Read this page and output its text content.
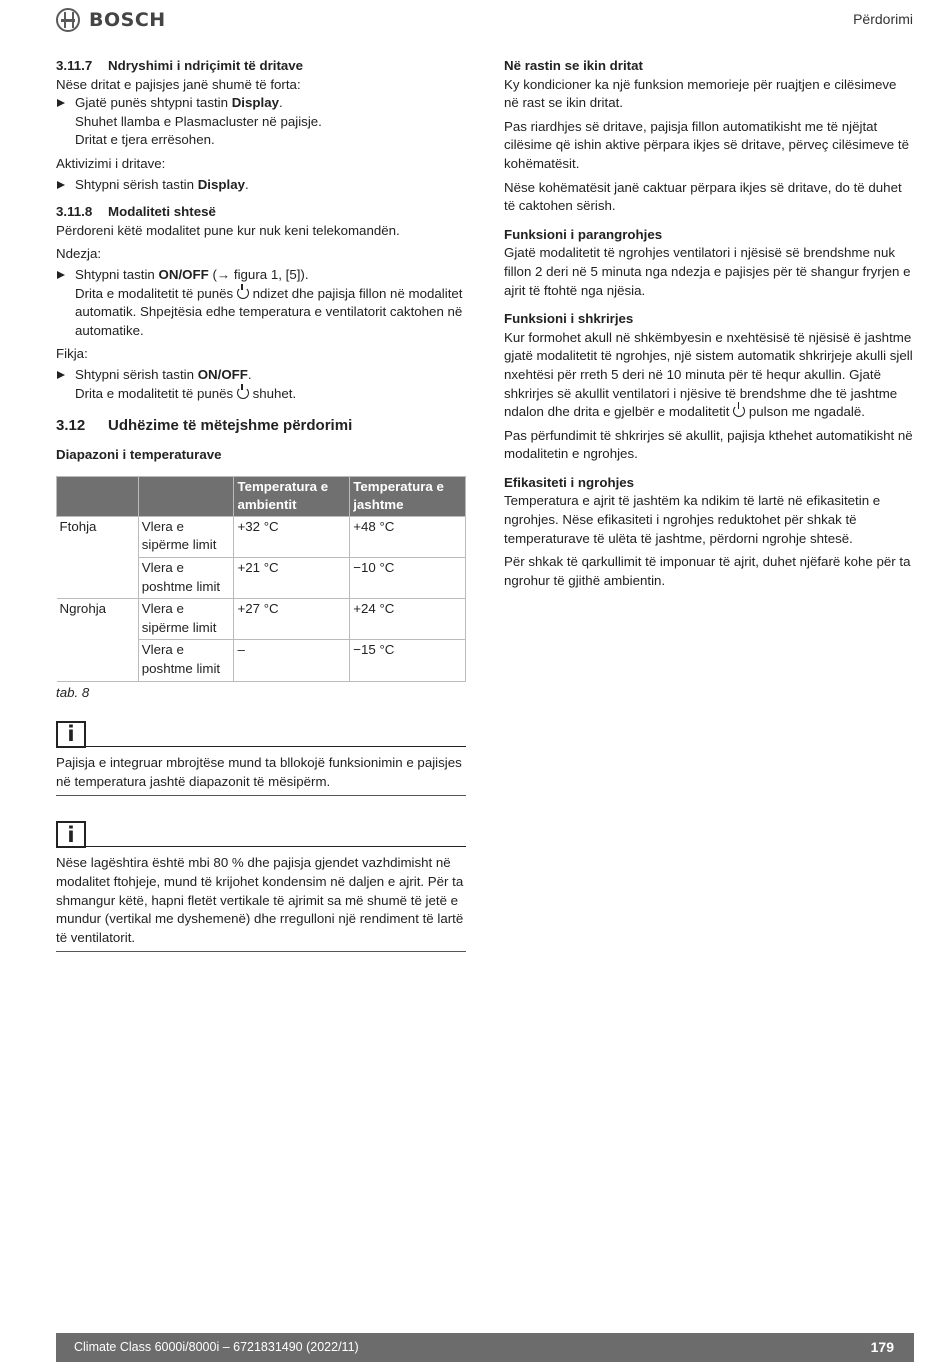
BOSCH	Përdorimi
3.11.7	Ndryshimi i ndriçimit të dritave

Nëse dritat e pajisjes janë shumë të forta:

Gjatë punës shtypni tastin Display.

Shuhet llamba e Plasmacluster në pajisje.

Dritat e tjera errësohen.

Aktivizimi i dritave:

Shtypni sërish tastin Display.

3.11.8	Modaliteti shtesë

Përdoreni këtë modalitet pune kur nuk keni telekomandën.

Ndezja:

Shtypni tastin ON/OFF (→ figura 1, [5]).

Drita e modalitetit të punës  ndizet dhe pajisja fillon në modalitet automatik. Shpejtësia edhe temperatura e ventilatorit caktohen në automatike.

Fikja:

Shtypni sërish tastin ON/OFF.

Drita e modalitetit të punës  shuhet.

3.12	Udhëzime të mëtejshme përdorimi
Diapazoni i temperaturave
		Temperatura e ambientit	Temperatura e jashtme
Ftohja	Vlera e sipërme limit	+32 °C	+48 °C
	Vlera e poshtme limit	+21 °C	−10 °C
Ngrohja	Vlera e sipërme limit	+27 °C	+24 °C
	Vlera e poshtme limit	–	−15 °C

tab. 8

i

Pajisja e integruar mbrojtëse mund ta bllokojë funksionimin e pajisjes në temperatura jashtë diapazonit të mësipërm.

i

Nëse lagështira është mbi 80 % dhe pajisja gjendet vazhdimisht në modalitet ftohjeje, mund të krijohet kondensim në daljen e ajrit. Për ta shmangur këtë, hapni fletët vertikale të ajrimit sa më shumë të jetë e mundur (vertikal me dyshemenë) dhe rregulloni një rendiment të lartë të ventilatorit.

Në rastin se ikin dritat

Ky kondicioner ka një funksion memorieje për ruajtjen e cilësimeve në rast se ikin dritat.

Pas riardhjes së dritave, pajisja fillon automatikisht me të njëjtat cilësime që ishin aktive përpara ikjes së dritave, përveç cilësimeve të kohëmatësit.

Nëse kohëmatësit janë caktuar përpara ikjes së dritave, do të duhet të caktohen sërish.

Funksioni i parangrohjes

Gjatë modalitetit të ngrohjes ventilatori i njësisë së brendshme nuk fillon 2 deri në 5 minuta nga ndezja e pajisjes për të shangur fryrjen e ajrit të ftohtë nga njësia.

Funksioni i shkrirjes

Kur formohet akull në shkëmbyesin e nxehtësisë të njësisë ë jashtme gjatë modalitetit të ngrohjes, një sistem automatik shkrirjeje akulli sjell nxehtësi për rreth 5 deri në 10 minuta për të hequr akullin. Gjatë shkrirjes së akullit ventilatori i njësive të brendshme dhe të jashtme ndalon dhe drita e gjelbër e modalitetit  pulson me ngadalë.

Pas përfundimit të shkrirjes së akullit, pajisja kthehet automatikisht në modalitetin e ngrohjes.

Efikasiteti i ngrohjes

Temperatura e ajrit të jashtëm ka ndikim të lartë në efikasitetin e ngrohjes. Nëse efikasiteti i ngrohjes reduktohet për shkak të temperaturave të ulëta të jashtme, përdorni ngrohje shtesë.

Për shkak të qarkullimit të imponuar të ajrit, duhet njëfarë kohe për ta ngrohur të gjithë ambientin.

Climate Class 6000i/8000i – 6721831490 (2022/11)	179
